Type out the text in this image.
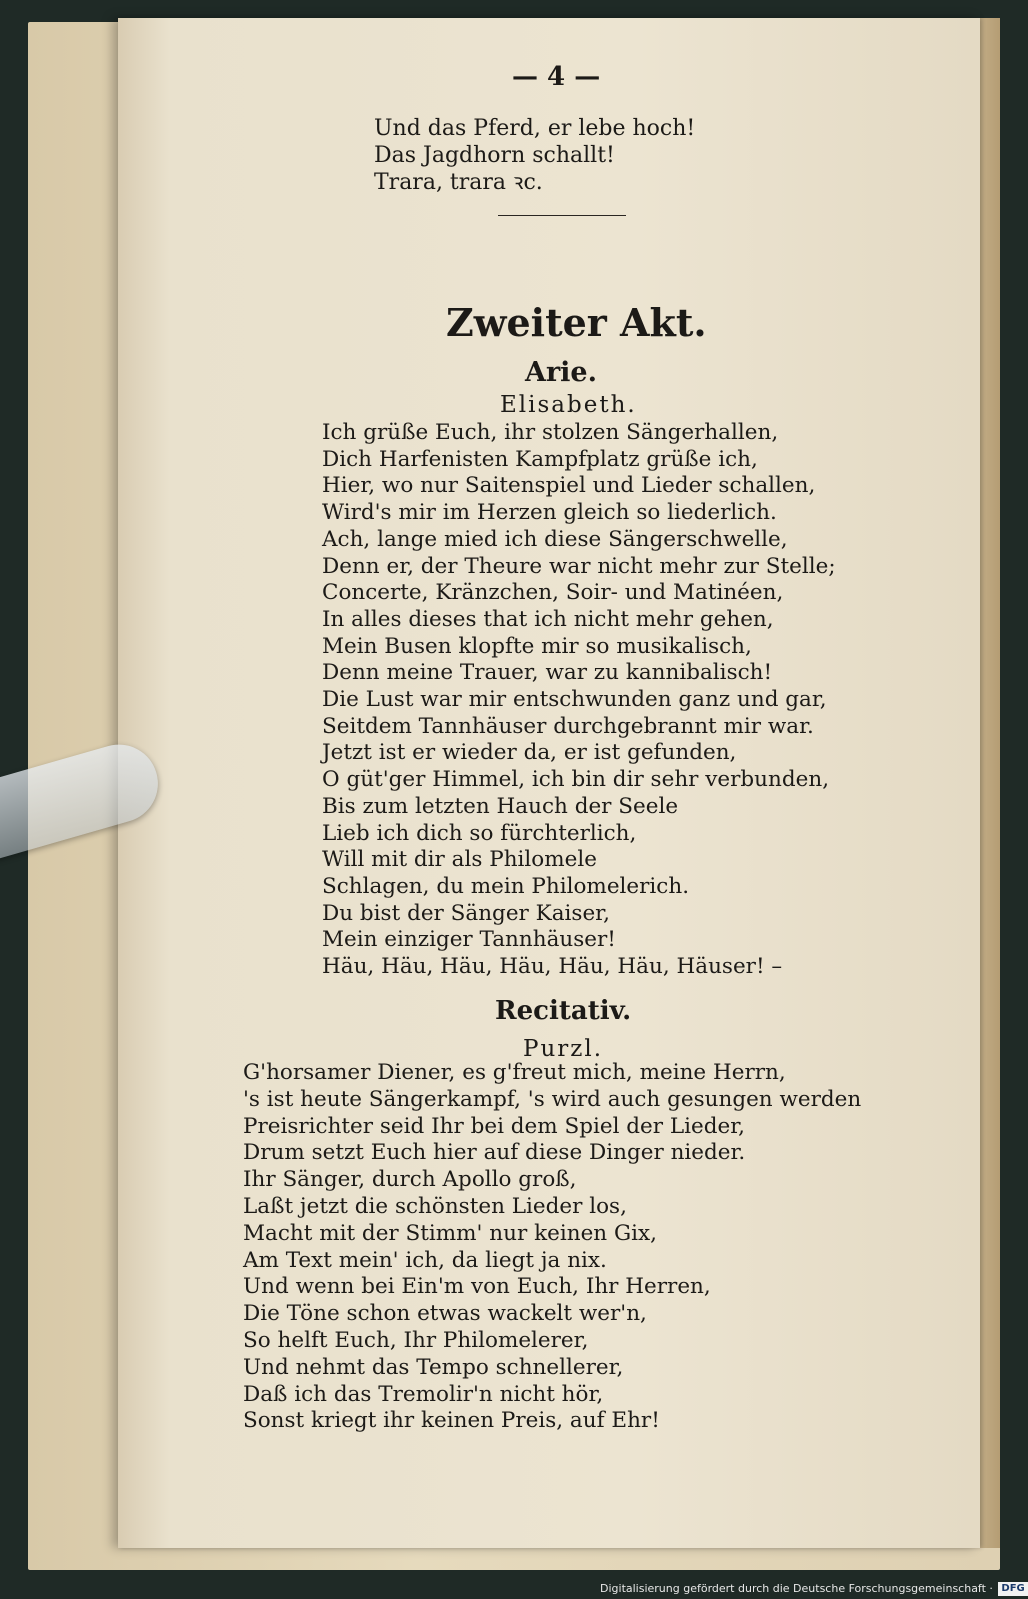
— 4 —
Und das Pferd, er lebe hoch!
Das Jagdhorn schallt!
Trara, trara ꝛc.
Zweiter Akt.
Arie.
Elisabeth.
Ich grüße Euch, ihr stolzen Sängerhallen,
Dich Harfenisten Kampfplatz grüße ich,
Hier, wo nur Saitenspiel und Lieder schallen,
Wird's mir im Herzen gleich so liederlich.
Ach, lange mied ich diese Sängerschwelle,
Denn er, der Theure war nicht mehr zur Stelle;
Concerte, Kränzchen, Soir- und Matinéen,
In alles dieses that ich nicht mehr gehen,
Mein Busen klopfte mir so musikalisch,
Denn meine Trauer, war zu kannibalisch!
Die Lust war mir entschwunden ganz und gar,
Seitdem Tannhäuser durchgebrannt mir war.
Jetzt ist er wieder da, er ist gefunden,
O güt'ger Himmel, ich bin dir sehr verbunden,
Bis zum letzten Hauch der Seele
Lieb ich dich so fürchterlich,
Will mit dir als Philomele
Schlagen, du mein Philomelerich.
Du bist der Sänger Kaiser,
Mein einziger Tannhäuser!
Häu, Häu, Häu, Häu, Häu, Häu, Häuser! –
Recitativ.
Purzl.
G'horsamer Diener, es g'freut mich, meine Herrn,
's ist heute Sängerkampf, 's wird auch gesungen werden
Preisrichter seid Ihr bei dem Spiel der Lieder,
Drum setzt Euch hier auf diese Dinger nieder.
Ihr Sänger, durch Apollo groß,
Laßt jetzt die schönsten Lieder los,
Macht mit der Stimm' nur keinen Gix,
Am Text mein' ich, da liegt ja nix.
Und wenn bei Ein'm von Euch, Ihr Herren,
Die Töne schon etwas wackelt wer'n,
So helft Euch, Ihr Philomelerer,
Und nehmt das Tempo schnellerer,
Daß ich das Tremolir'n nicht hör,
Sonst kriegt ihr keinen Preis, auf Ehr!
Digitalisierung gefördert durch die Deutsche Forschungsgemeinschaft · DFG
